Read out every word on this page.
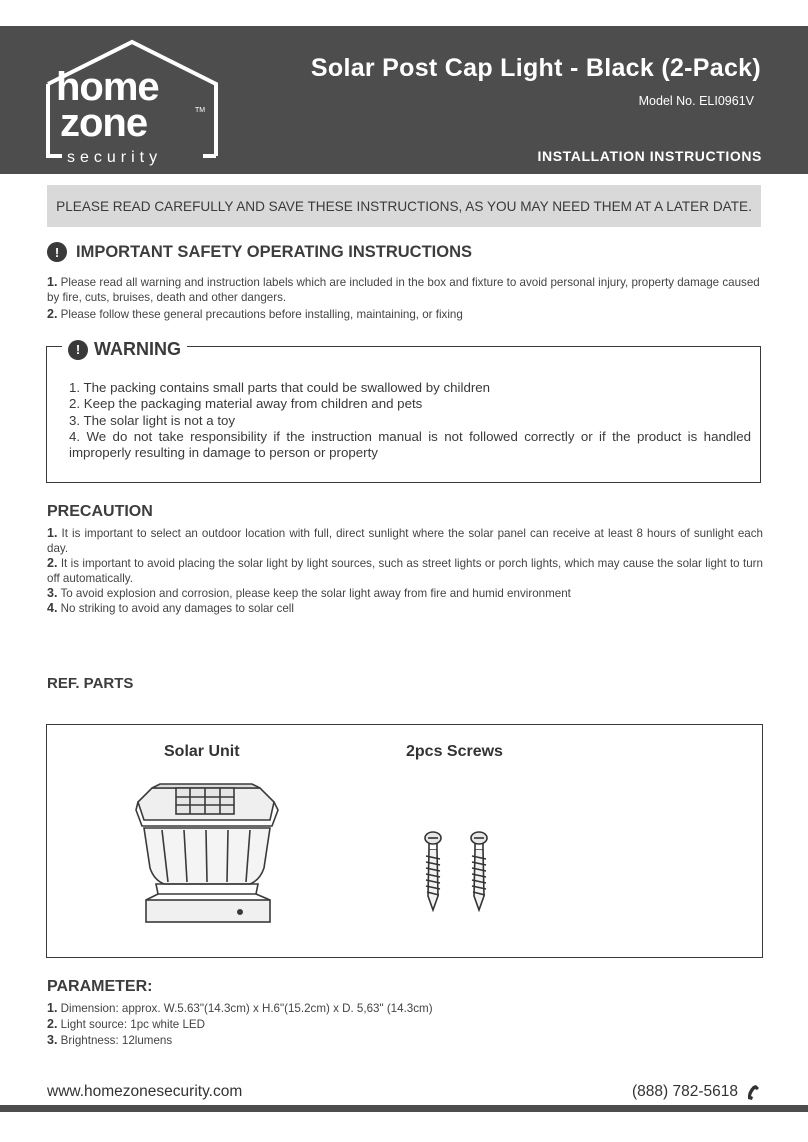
home
zone	TM
security
Solar Post Cap Light - Black (2-Pack)
Model No. ELI0961V
INSTALLATION INSTRUCTIONS
PLEASE READ CAREFULLY AND SAVE THESE INSTRUCTIONS, AS YOU MAY NEED THEM AT A LATER DATE.
!	IMPORTANT SAFETY OPERATING INSTRUCTIONS

1. Please read all warning and instruction labels which are included in the box and fixture to avoid personal injury, property damage caused by fire, cuts, bruises, death and other dangers.

2. Please follow these general precautions before installing, maintaining, or fixing

! WARNING

1. The packing contains small parts that could be swallowed by children

2. Keep the packaging material away from children and pets

3. The solar light is not a toy

4. We do not take responsibility if the instruction manual is not followed correctly or if the product is handled improperly resulting in damage to person or property

PRECAUTION

1. It is important to select an outdoor location with full, direct sunlight where the solar panel can receive at least 8 hours of sunlight each day.

2. It is important to avoid placing the solar light by light sources, such as street lights or porch lights, which may cause the solar light to turn off automatically.

3. To avoid explosion and corrosion, please keep the solar light away from fire and humid environment

4. No striking to avoid any damages to solar cell

REF. PARTS
Solar Unit	2pcs Screws
PARAMETER:

1. Dimension: approx. W.5.63"(14.3cm) x H.6"(15.2cm) x D. 5,63" (14.3cm)

2. Light source: 1pc white LED

3. Brightness: 12lumens

www.homezonesecurity.com	(888) 782-5618
